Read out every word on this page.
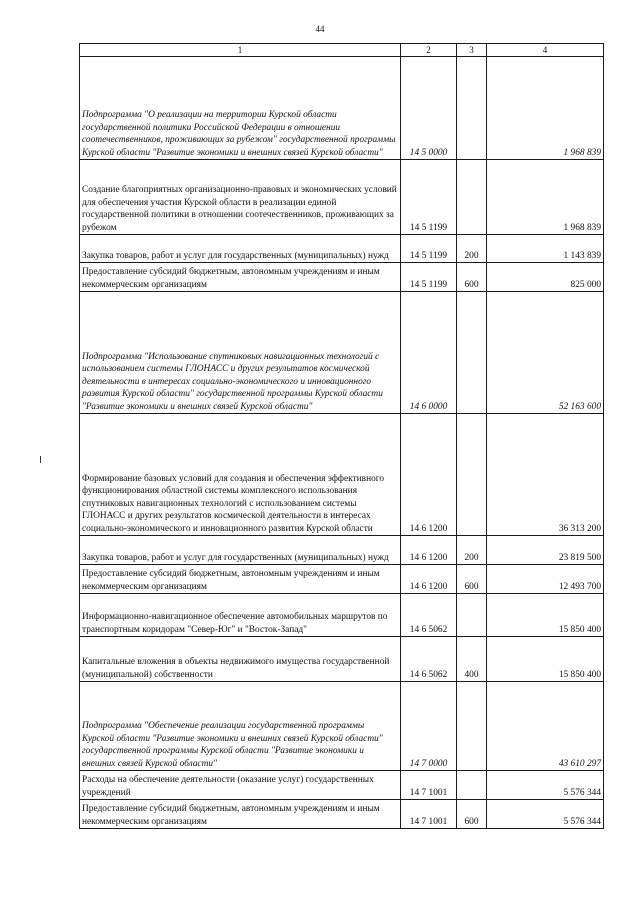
44
1	2	3	4
Подпрограмма "О реализации на территории Курской области государственной политики Российской Федерации в отношении соотечественников, проживающих за рубежом" государственной программы Курской области "Развитие экономики и внешних связей Курской области"	14 5 0000		1 968 839
Создание благоприятных организационно-правовых и экономических условий для обеспечения участия Курской области в реализации единой государственной политики в отношении соотечественников, проживающих за рубежом	14 5 1199		1 968 839
Закупка товаров, работ и услуг для государственных (муниципальных) нужд	14 5 1199	200	1 143 839
Предоставление субсидий бюджетным, автономным учреждениям и иным некоммерческим организациям	14 5 1199	600	825 000
Подпрограмма "Использование спутниковых навигационных технологий с использованием системы ГЛОНАСС и других результатов космической деятельности в интересах социально-экономического и инновационного развития Курской области" государственной программы Курской области "Развитие экономики и внешних связей Курской области"	14 6 0000		52 163 600
Формирование базовых условий для создания и обеспечения эффективного функционирования областной системы комплексного использования спутниковых навигационных технологий с использованием системы ГЛОНАСС и других результатов космической деятельности в интересах социально-экономического и инновационного развития Курской области	14 6 1200		36 313 200
Закупка товаров, работ и услуг для государственных (муниципальных) нужд	14 6 1200	200	23 819 500
Предоставление субсидий бюджетным, автономным учреждениям и иным некоммерческим организациям	14 6 1200	600	12 493 700
Информационно-навигационное обеспечение автомобильных маршрутов по транспортным коридорам "Север-Юг" и "Восток-Запад"	14 6 5062		15 850 400
Капитальные вложения в объекты недвижимого имущества государственной (муниципальной) собственности	14 6 5062	400	15 850 400
Подпрограмма "Обеспечение реализации государственной программы Курской области "Развитие экономики и внешних связей Курской области" государственной программы Курской области "Развитие экономики и внешних связей Курской области"	14 7 0000		43 610 297
Расходы на обеспечение деятельности (оказание услуг) государственных учреждений	14 7 1001		5 576 344
Предоставление субсидий бюджетным, автономным учреждениям и иным некоммерческим организациям	14 7 1001	600	5 576 344
